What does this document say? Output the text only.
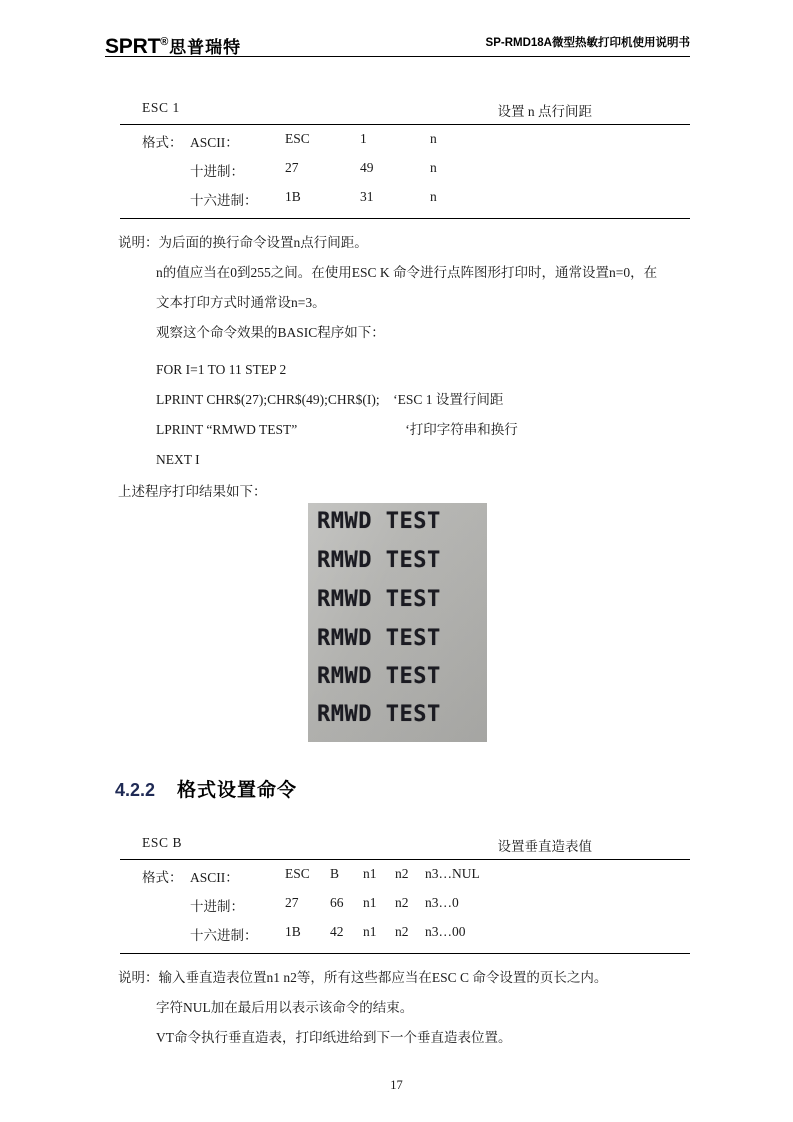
SPRT®思普瑞特	SP-RMD18A微型热敏打印机使用说明书
ESC 1	设置 n 点行间距
格式： ASCII：	ESC	1	n
十进制：	27	49	n
十六进制： 1B	31	n
说明：为后面的换行命令设置n点行间距。
n的值应当在0到255之间。在使用ESC K 命令进行点阵图形打印时，通常设置n=0，在
文本打印方式时通常设n=3。
观察这个命令效果的BASIC程序如下：
FOR I=1 TO 11 STEP 2
LPRINT CHR$(27);CHR$(49);CHR$(I);　‘ESC 1 设置行间距
LPRINT “RMWD TEST”　　　　　　　　‘打印字符串和换行
NEXT I
上述程序打印结果如下：
RMWD TEST
RMWD TEST
RMWD TEST
RMWD TEST
RMWD TEST
RMWD TEST
4.2.2 格式设置命令
ESC B	设置垂直造表值
格式： ASCII：	ESC B n1 n2 n3…NUL
十进制：	27 66 n1 n2 n3…0
十六进制： 1B 42 n1 n2 n3…00
说明：输入垂直造表位置n1 n2等，所有这些都应当在ESC C 命令设置的页长之内。
字符NUL加在最后用以表示该命令的结束。
VT命令执行垂直造表，打印纸进给到下一个垂直造表位置。
17
